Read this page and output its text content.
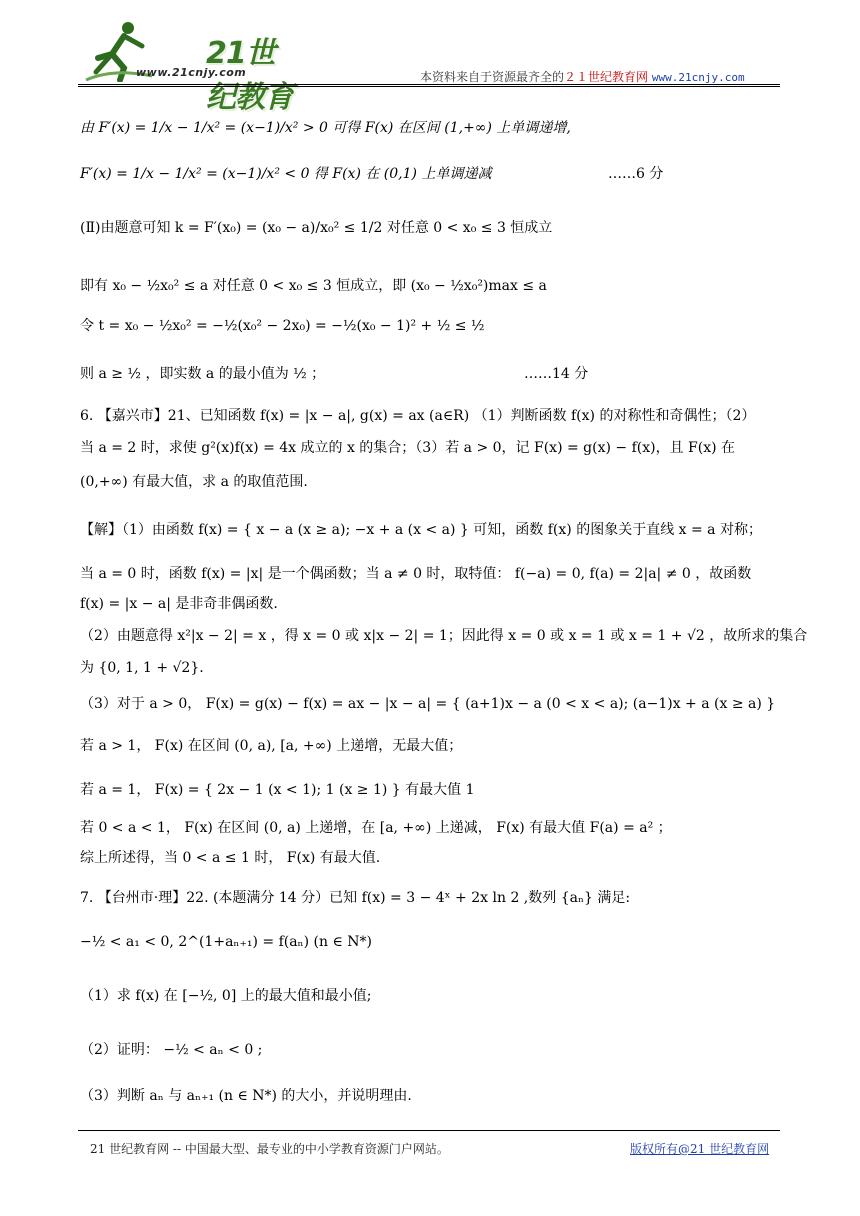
21世纪教育
www.21cnjy.com	本资料来自于资源最齐全的２１世纪教育网 www.21cnjy.com
由 F′(x) = 1/x − 1/x² = (x−1)/x² > 0 可得 F(x) 在区间 (1,+∞) 上单调递增,
F′(x) = 1/x − 1/x² = (x−1)/x² < 0 得 F(x) 在 (0,1) 上单调递减	……6 分
(Ⅱ)由题意可知 k = F′(x₀) = (x₀ − a)/x₀² ≤ 1/2 对任意 0 < x₀ ≤ 3 恒成立
即有 x₀ − ½x₀² ≤ a 对任意 0 < x₀ ≤ 3 恒成立，即 (x₀ − ½x₀²)max ≤ a
令 t = x₀ − ½x₀² = −½(x₀² − 2x₀) = −½(x₀ − 1)² + ½ ≤ ½
则 a ≥ ½ ，即实数 a 的最小值为 ½ ；	……14 分
6. 【嘉兴市】21、已知函数 f(x) = |x − a|, g(x) = ax (a∈R) （1）判断函数 f(x) 的对称性和奇偶性；（2）
当 a = 2 时，求使 g²(x)f(x) = 4x 成立的 x 的集合；（3）若 a > 0，记 F(x) = g(x) − f(x)，且 F(x) 在
(0,+∞) 有最大值，求 a 的取值范围.
【解】（1）由函数 f(x) = { x − a (x ≥ a); −x + a (x < a) } 可知，函数 f(x) 的图象关于直线 x = a 对称；
当 a = 0 时，函数 f(x) = |x| 是一个偶函数；当 a ≠ 0 时，取特值： f(−a) = 0, f(a) = 2|a| ≠ 0 ，故函数
f(x) = |x − a| 是非奇非偶函数.
（2）由题意得 x²|x − 2| = x ，得 x = 0 或 x|x − 2| = 1；因此得 x = 0 或 x = 1 或 x = 1 + √2 ，故所求的集合
为 {0, 1, 1 + √2}.
（3）对于 a > 0， F(x) = g(x) − f(x) = ax − |x − a| = { (a+1)x − a (0 < x < a); (a−1)x + a (x ≥ a) }
若 a > 1， F(x) 在区间 (0, a), [a, +∞) 上递增，无最大值；
若 a = 1， F(x) = { 2x − 1 (x < 1); 1 (x ≥ 1) } 有最大值 1
若 0 < a < 1， F(x) 在区间 (0, a) 上递增，在 [a, +∞) 上递减， F(x) 有最大值 F(a) = a² ；
综上所述得，当 0 < a ≤ 1 时， F(x) 有最大值.
7. 【台州市·理】22. (本题满分 14 分）已知 f(x) = 3 − 4ˣ + 2x ln 2 ,数列 {aₙ} 满足:
−½ < a₁ < 0, 2^(1+aₙ₊₁) = f(aₙ) (n ∈ N*)
（1）求 f(x) 在 [−½, 0] 上的最大值和最小值;
（2）证明： −½ < aₙ < 0 ;
（3）判断 aₙ 与 aₙ₊₁ (n ∈ N*) 的大小，并说明理由.
21 世纪教育网 -- 中国最大型、最专业的中小学教育资源门户网站。	版权所有@21 世纪教育网
